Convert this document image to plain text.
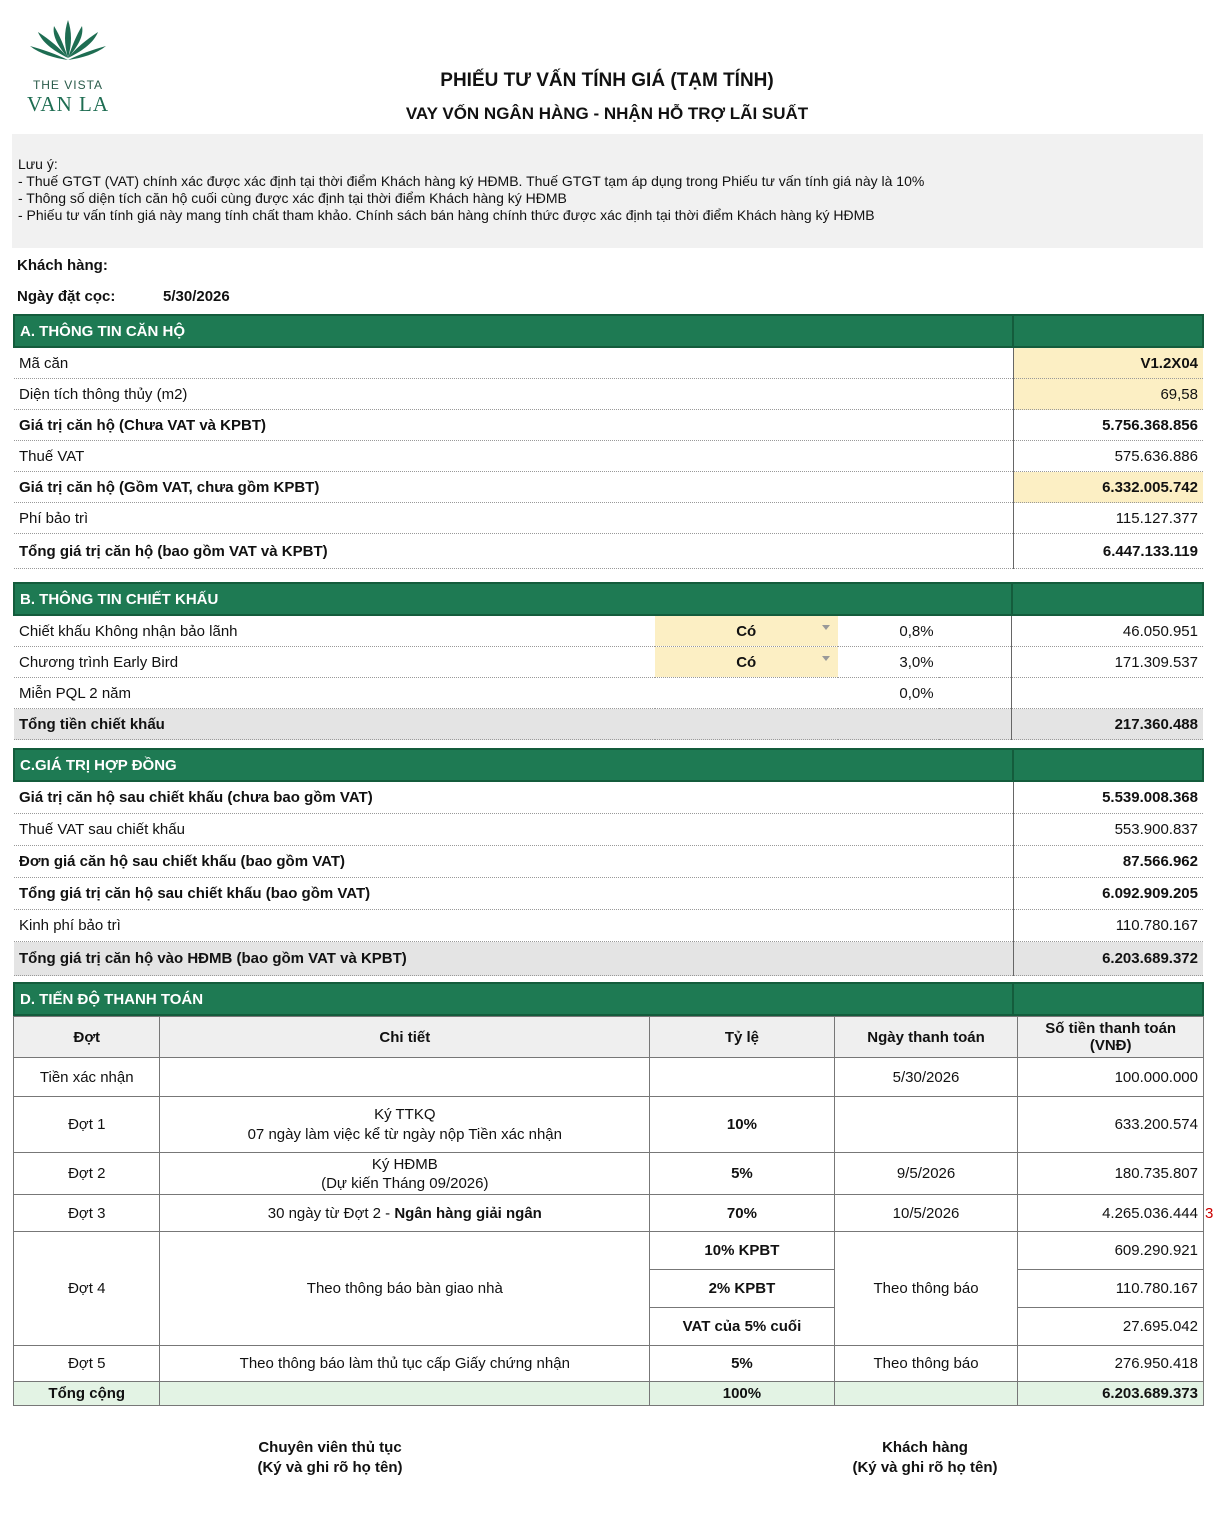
THE VISTA
VAN LA
PHIẾU TƯ VẤN TÍNH GIÁ (TẠM TÍNH)
VAY VỐN NGÂN HÀNG - NHẬN HỖ TRỢ LÃI SUẤT
Lưu ý:
- Thuế GTGT (VAT) chính xác được xác định tại thời điểm Khách hàng ký HĐMB. Thuế GTGT tạm áp dụng trong Phiếu tư vấn tính giá này là 10%
- Thông số diện tích căn hộ cuối cùng được xác định tại thời điểm Khách hàng ký HĐMB
- Phiếu tư vấn tính giá này mang tính chất tham khảo. Chính sách bán hàng chính thức được xác định tại thời điểm Khách hàng ký HĐMB
Khách hàng:
Ngày đặt cọc:	5/30/2026
A. THÔNG TIN CĂN HỘ	
Mã căn	V1.2X04
Diện tích thông thủy (m2)	69,58
Giá trị căn hộ (Chưa VAT và KPBT)	5.756.368.856
Thuế VAT	575.636.886
Giá trị căn hộ (Gồm VAT, chưa gồm KPBT)	6.332.005.742
Phí bảo trì	115.127.377
Tổng giá trị căn hộ (bao gồm VAT và KPBT)	6.447.133.119
B. THÔNG TIN CHIẾT KHẤU				
Chiết khấu Không nhận bảo lãnh	Có	0,8%		46.050.951
Chương trình Early Bird	Có	3,0%		171.309.537
Miễn PQL 2 năm		0,0%		
Tổng tiền chiết khấu				217.360.488
C.GIÁ TRỊ HỢP ĐỒNG	
Giá trị căn hộ sau chiết khấu (chưa bao gồm VAT)	5.539.008.368
Thuế VAT sau chiết khấu	553.900.837
Đơn giá căn hộ sau chiết khấu (bao gồm VAT)	87.566.962
Tổng giá trị căn hộ sau chiết khấu (bao gồm VAT)	6.092.909.205
Kinh phí bảo trì	110.780.167
Tổng giá trị căn hộ vào HĐMB (bao gồm VAT và KPBT)	6.203.689.372
D. TIẾN ĐỘ THANH TOÁN	
Đợt	Chi tiết	Tỷ lệ	Ngày thanh toán	Số tiền thanh toán
(VNĐ)
Tiền xác nhận			5/30/2026	100.000.000
Đợt 1	Ký TTKQ
07 ngày làm việc kể từ ngày nộp Tiền xác nhận	10%		633.200.574
Đợt 2	Ký HĐMB
(Dự kiến Tháng 09/2026)	5%	9/5/2026	180.735.807
Đợt 3	30 ngày từ Đợt 2 - Ngân hàng giải ngân	70%	10/5/2026	4.265.036.444
Đợt 4	Theo thông báo bàn giao nhà	10% KPBT	Theo thông báo	609.290.921
		2% KPBT		110.780.167
		VAT của 5% cuối		27.695.042
Đợt 5	Theo thông báo làm thủ tục cấp Giấy chứng nhận	5%	Theo thông báo	276.950.418
Tổng cộng		100%		6.203.689.373
3
Chuyên viên thủ tục
(Ký và ghi rõ họ tên)
Khách hàng
(Ký và ghi rõ họ tên)
